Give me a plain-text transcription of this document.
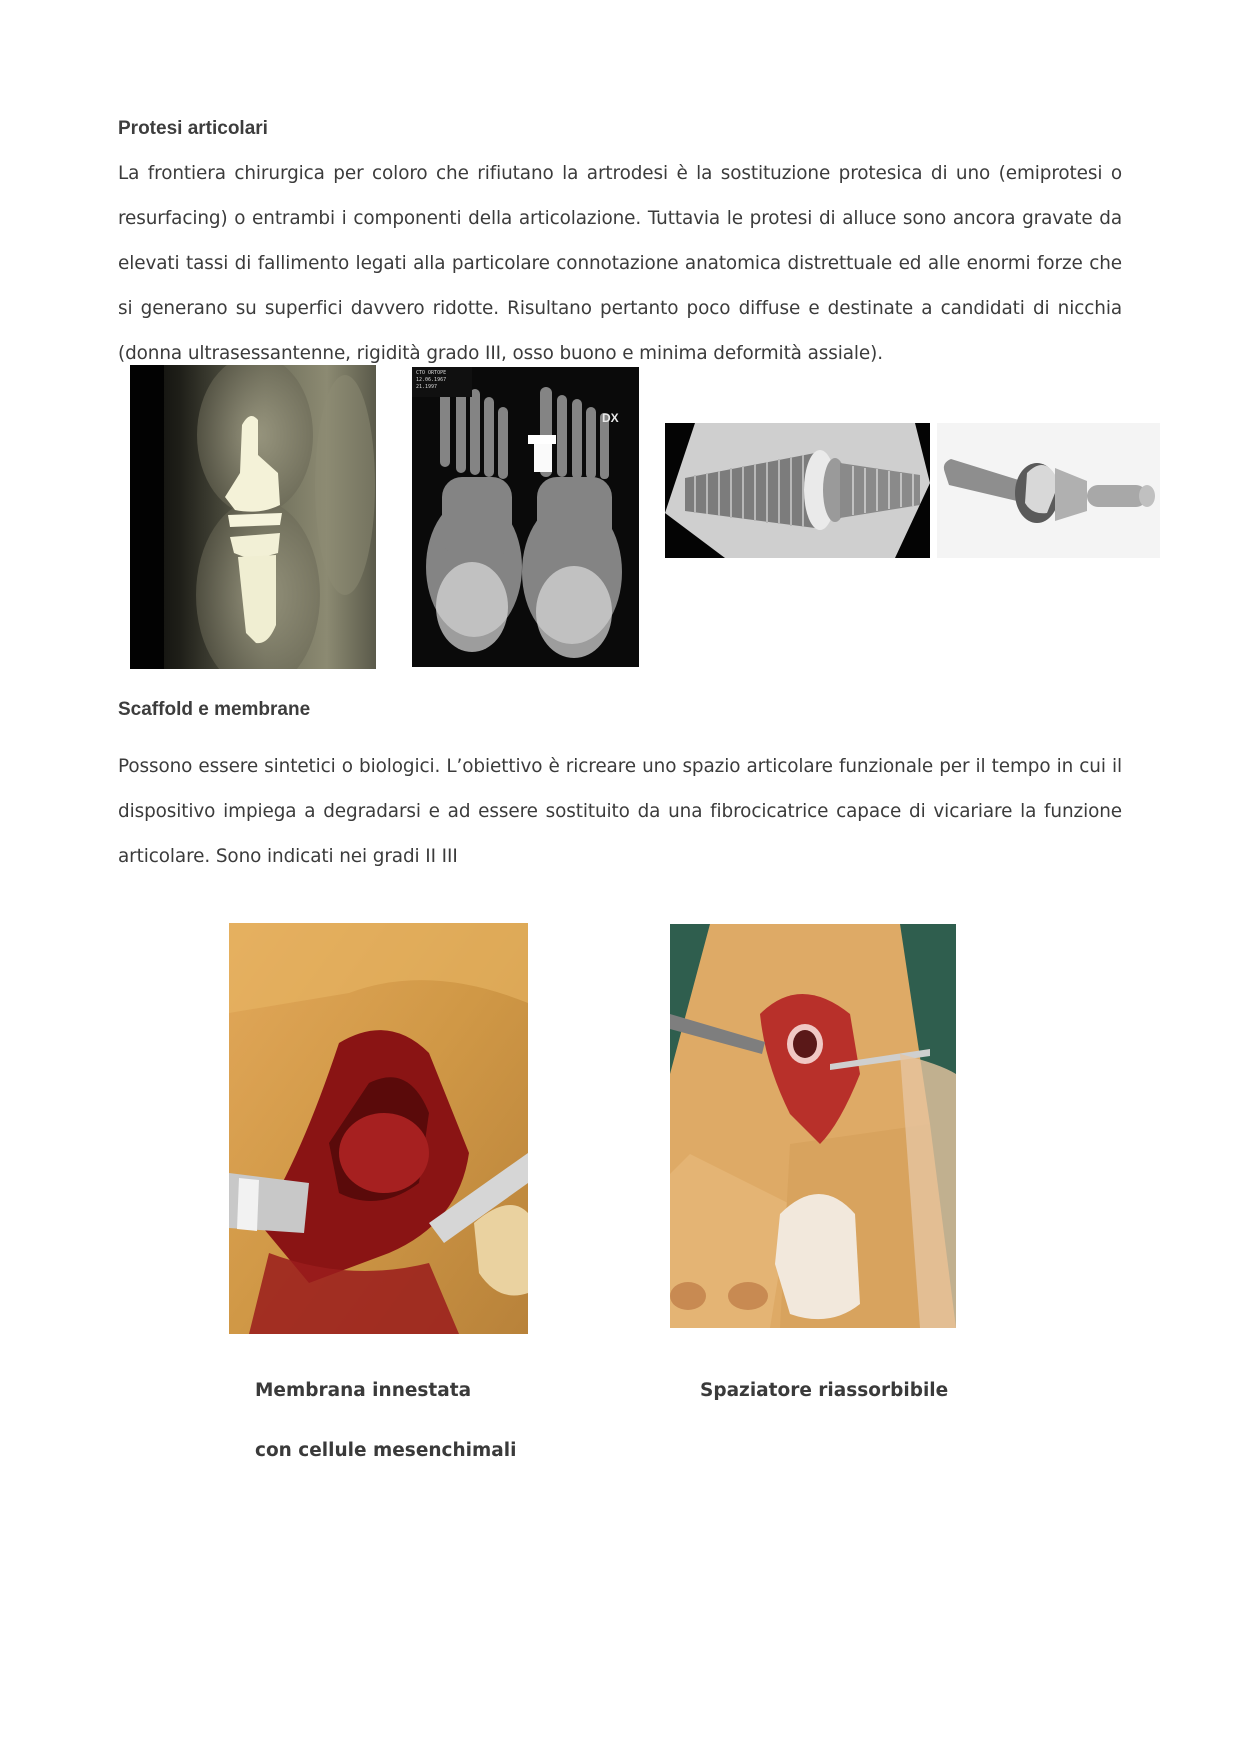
Protesi articolari

La frontiera chirurgica per coloro che rifiutano la artrodesi è la sostituzione protesica di uno (emiprotesi o resurfacing) o entrambi i componenti della articolazione. Tuttavia le protesi di alluce sono ancora gravate da elevati tassi di fallimento legati alla particolare connotazione anatomica distrettuale ed alle enormi forze che si generano su superfici davvero ridotte. Risultano pertanto poco diffuse e destinate a candidati di nicchia (donna ultrasessantenne, rigidità grado III, osso buono e minima deformità assiale).

CTO ORTOPE
12.06.1967
21.1997
DX
Scaffold e membrane

Possono essere sintetici o biologici. L’obiettivo è ricreare uno spazio articolare funzionale per il tempo in cui il dispositivo impiega a degradarsi e ad essere sostituito da una fibrocicatrice capace di vicariare la funzione articolare. Sono indicati nei gradi II III

Membrana innestata

con cellule mesenchimali

Spaziatore riassorbibile
